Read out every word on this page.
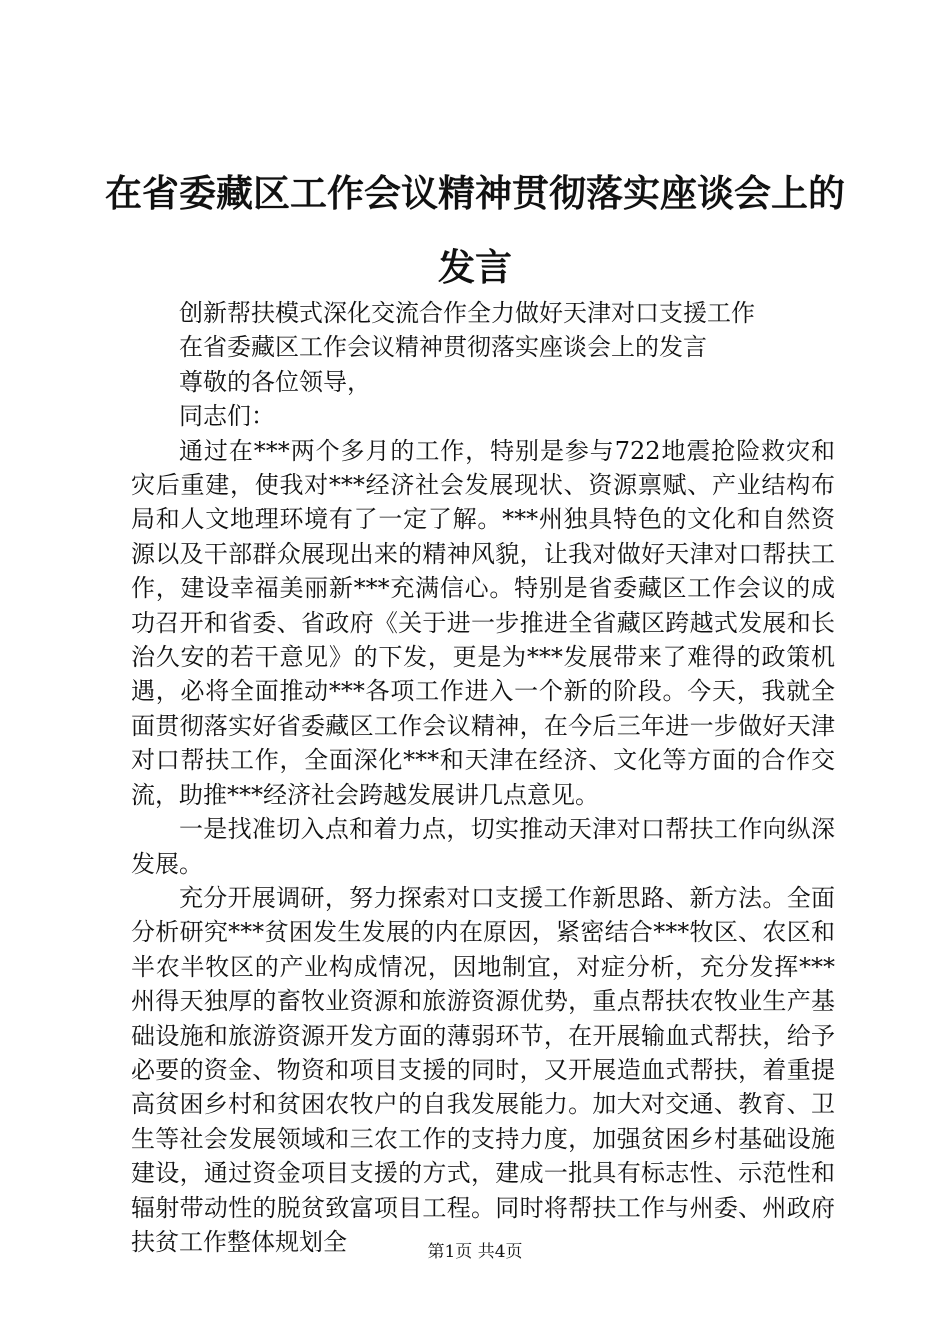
在省委藏区工作会议精神贯彻落实座谈会上的
发言

创新帮扶模式深化交流合作全力做好天津对口支援工作

在省委藏区工作会议精神贯彻落实座谈会上的发言

尊敬的各位领导，

同志们：

通过在***两个多月的工作，特别是参与722地震抢险救灾和灾后重建，使我对***经济社会发展现状、资源禀赋、产业结构布局和人文地理环境有了一定了解。***州独具特色的文化和自然资源以及干部群众展现出来的精神风貌，让我对做好天津对口帮扶工作，建设幸福美丽新***充满信心。特别是省委藏区工作会议的成功召开和省委、省政府《关于进一步推进全省藏区跨越式发展和长治久安的若干意见》的下发，更是为***发展带来了难得的政策机遇，必将全面推动***各项工作进入一个新的阶段。今天，我就全面贯彻落实好省委藏区工作会议精神，在今后三年进一步做好天津对口帮扶工作，全面深化***和天津在经济、文化等方面的合作交流，助推***经济社会跨越发展讲几点意见。

一是找准切入点和着力点，切实推动天津对口帮扶工作向纵深发展。

充分开展调研，努力探索对口支援工作新思路、新方法。全面分析研究***贫困发生发展的内在原因，紧密结合***牧区、农区和半农半牧区的产业构成情况，因地制宜，对症分析，充分发挥***州得天独厚的畜牧业资源和旅游资源优势，重点帮扶农牧业生产基础设施和旅游资源开发方面的薄弱环节，在开展输血式帮扶，给予必要的资金、物资和项目支援的同时，又开展造血式帮扶，着重提高贫困乡村和贫困农牧户的自我发展能力。加大对交通、教育、卫生等社会发展领域和三农工作的支持力度，加强贫困乡村基础设施建设，通过资金项目支援的方式，建成一批具有标志性、示范性和辐射带动性的脱贫致富项目工程。同时将帮扶工作与州委、州政府扶贫工作整体规划全	第1页 共4页
